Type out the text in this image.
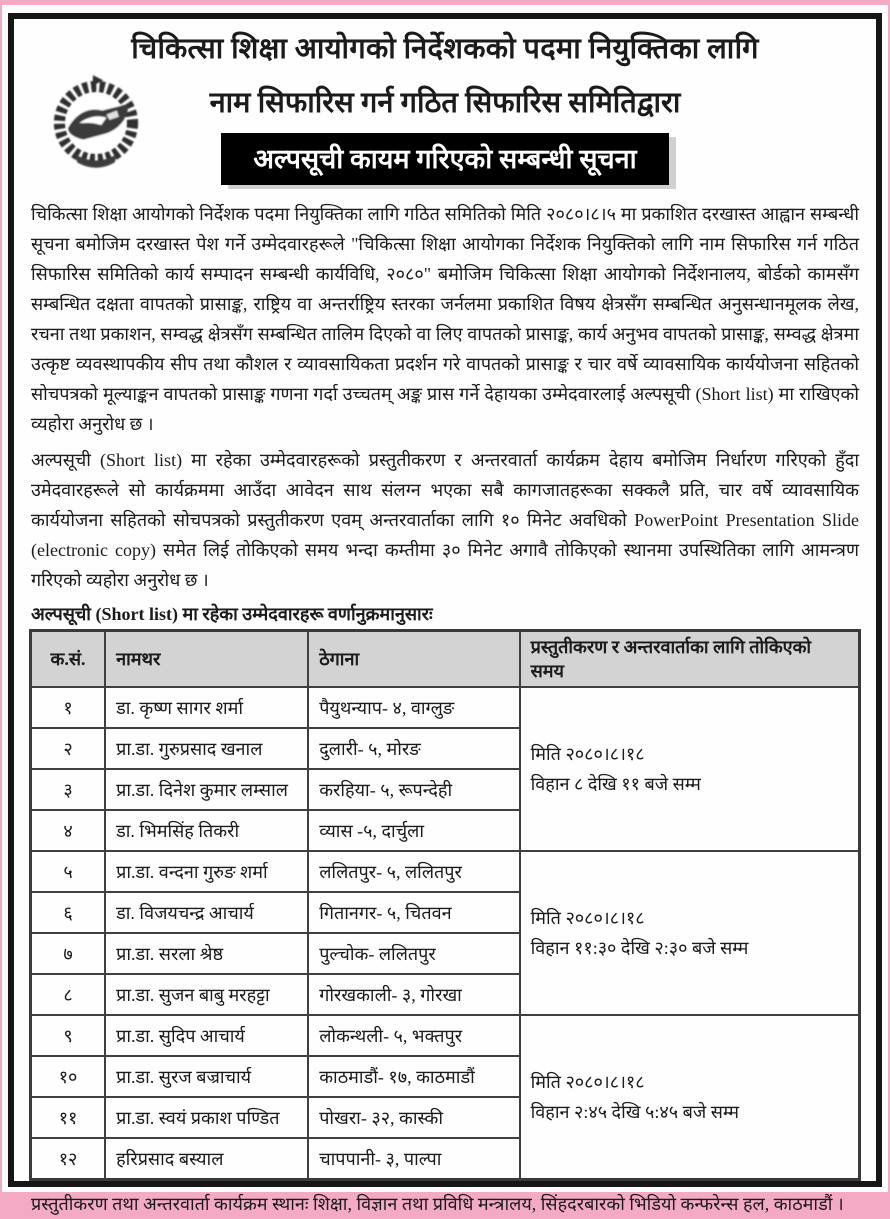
चिकित्सा शिक्षा आयोगको निर्देशकको पदमा नियुक्तिका लागि
नाम सिफारिस गर्न गठित सिफारिस समितिद्वारा
अल्पसूची कायम गरिएको सम्बन्धी सूचना
चिकित्सा शिक्षा आयोगको निर्देशक पदमा नियुक्तिका लागि गठित समितिको मिति २०८०।८।५ मा प्रकाशित दरखास्त आह्वान सम्बन्धी सूचना बमोजिम दरखास्त पेश गर्ने उम्मेदवारहरूले "चिकित्सा शिक्षा आयोगका निर्देशक नियुक्तिको लागि नाम सिफारिस गर्न गठित सिफारिस समितिको कार्य सम्पादन सम्बन्धी कार्यविधि, २०८०" बमोजिम चिकित्सा शिक्षा आयोगको निर्देशनालय, बोर्डको कामसँग सम्बन्धित दक्षता वापतको प्रासाङ्क, राष्ट्रिय वा अन्तर्राष्ट्रिय स्तरका जर्नलमा प्रकाशित विषय क्षेत्रसँग सम्बन्धित अनुसन्धानमूलक लेख, रचना तथा प्रकाशन, सम्वद्ध क्षेत्रसँग सम्बन्धित तालिम दिएको वा लिए वापतको प्रासाङ्क, कार्य अनुभव वापतको प्रासाङ्क, सम्वद्ध क्षेत्रमा उत्कृष्ट व्यवस्थापकीय सीप तथा कौशल र व्यावसायिकता प्रदर्शन गरे वापतको प्रासाङ्क र चार वर्षे व्यावसायिक कार्ययोजना सहितको सोचपत्रको मूल्याङ्कन वापतको प्रासाङ्क गणना गर्दा उच्चतम् अङ्क प्रास गर्ने देहायका उम्मेदवारलाई अल्पसूची (Short list) मा राखिएको व्यहोरा अनुरोध छ ।
अल्पसूची (Short list) मा रहेका उम्मेदवारहरूको प्रस्तुतीकरण र अन्तरवार्ता कार्यक्रम देहाय बमोजिम निर्धारण गरिएको हुँदा उमेदवारहरूले सो कार्यक्रममा आउँदा आवेदन साथ संलग्न भएका सबै कागजातहरूका सक्कलै प्रति, चार वर्षे व्यावसायिक कार्ययोजना सहितको सोचपत्रको प्रस्तुतीकरण एवम् अन्तरवार्ताका लागि १० मिनेट अवधिको PowerPoint Presentation Slide (electronic copy) समेत लिई तोकिएको समय भन्दा कम्तीमा ३० मिनेट अगावै तोकिएको स्थानमा उपस्थितिका लागि आमन्त्रण गरिएको व्यहोरा अनुरोध छ ।
अल्पसूची (Short list) मा रहेका उम्मेदवारहरू वर्णानुक्रमानुसारः
क.सं.	नामथर	ठेगाना	प्रस्तुतीकरण र अन्तरवार्ताका लागि तोकिएको समय
१	डा. कृष्ण सागर शर्मा	पैयुथन्याप- ४, वाग्लुङ	मिति २०८०।८।१८
विहान ८ देखि ११ बजे सम्म

२	प्रा.डा. गुरुप्रसाद खनाल	दुलारी- ५, मोरङ	
३	प्रा.डा. दिनेश कुमार लम्साल	करहिया- ५, रूपन्देही	
४	डा. भिमसिंह तिकरी	व्यास -५, दार्चुला	
५	प्रा.डा. वन्दना गुरुङ शर्मा	ललितपुर- ५, ललितपुर	मिति २०८०।८।१८
विहान ११:३० देखि २:३० बजे सम्म

६	डा. विजयचन्द्र आचार्य	गितानगर- ५, चितवन	
७	प्रा.डा. सरला श्रेष्ठ	पुल्चोक- ललितपुर	
८	प्रा.डा. सुजन बाबु मरहट्टा	गोरखकाली- ३, गोरखा	
९	प्रा.डा. सुदिप आचार्य	लोकन्थली- ५, भक्तपुर	मिति २०८०।८।१८
विहान २:४५ देखि ५:४५ बजे सम्म

१०	प्रा.डा. सुरज बज्राचार्य	काठमाडौं- १७, काठमाडौं	
११	प्रा.डा. स्वयं प्रकाश पण्डित	पोखरा- ३२, कास्की	
१२	हरिप्रसाद बस्याल	चापपानी- ३, पाल्पा	
प्रस्तुतीकरण तथा अन्तरवार्ता कार्यक्रम स्थानः शिक्षा, विज्ञान तथा प्रविधि मन्त्रालय, सिंहदरबारको भिडियो कन्फरेन्स हल, काठमाडौं ।
